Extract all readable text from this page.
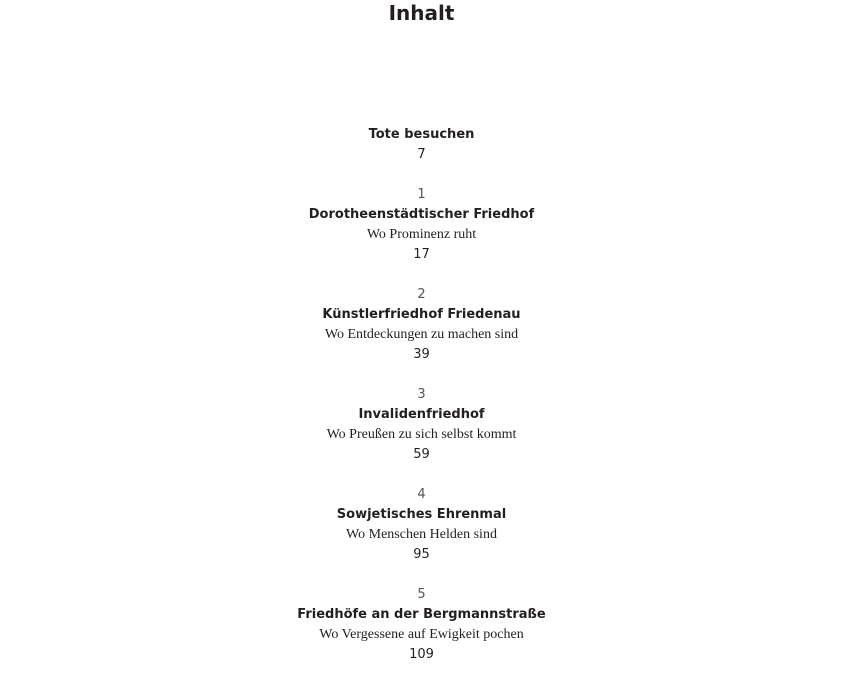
Inhalt
Tote besuchen
7
1
Dorotheenstädtischer Friedhof
Wo Prominenz ruht
17
2
Künstlerfriedhof Friedenau
Wo Entdeckungen zu machen sind
39
3
Invalidenfriedhof
Wo Preußen zu sich selbst kommt
59
4
Sowjetisches Ehrenmal
Wo Menschen Helden sind
95
5
Friedhöfe an der Bergmannstraße
Wo Vergessene auf Ewigkeit pochen
109
